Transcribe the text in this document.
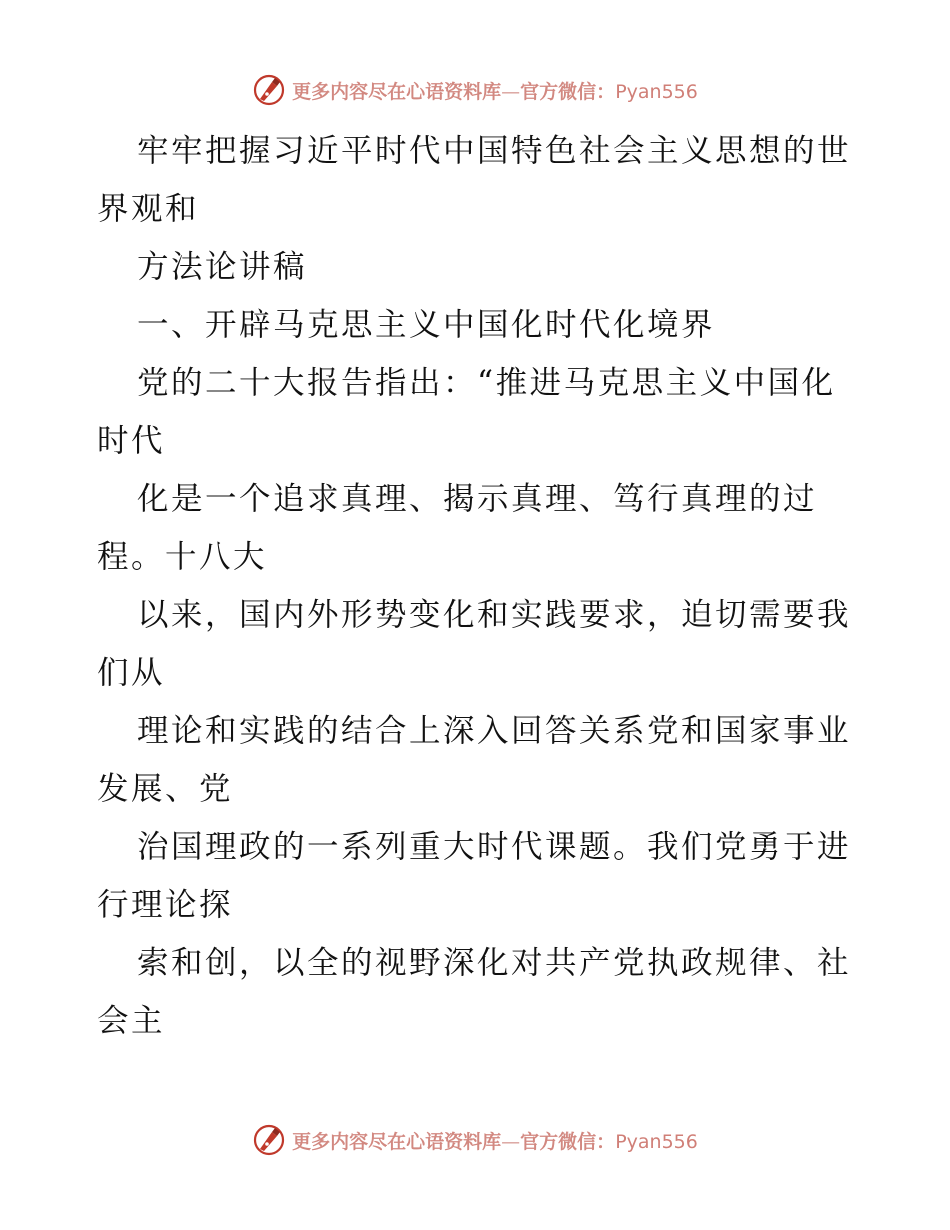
更多内容尽在心语资料库—官方微信：Pyan556
牢牢把握习近平时代中国特色社会主义思想的世
界观和
方法论讲稿
一、开辟马克思主义中国化时代化境界
党的二十大报告指出：“推进马克思主义中国化
时代
化是一个追求真理、揭示真理、笃行真理的过
程。十八大
以来，国内外形势变化和实践要求，迫切需要我
们从
理论和实践的结合上深入回答关系党和国家事业
发展、党
治国理政的一系列重大时代课题。我们党勇于进
行理论探
索和创，以全的视野深化对共产党执政规律、社
会主
更多内容尽在心语资料库—官方微信：Pyan556
